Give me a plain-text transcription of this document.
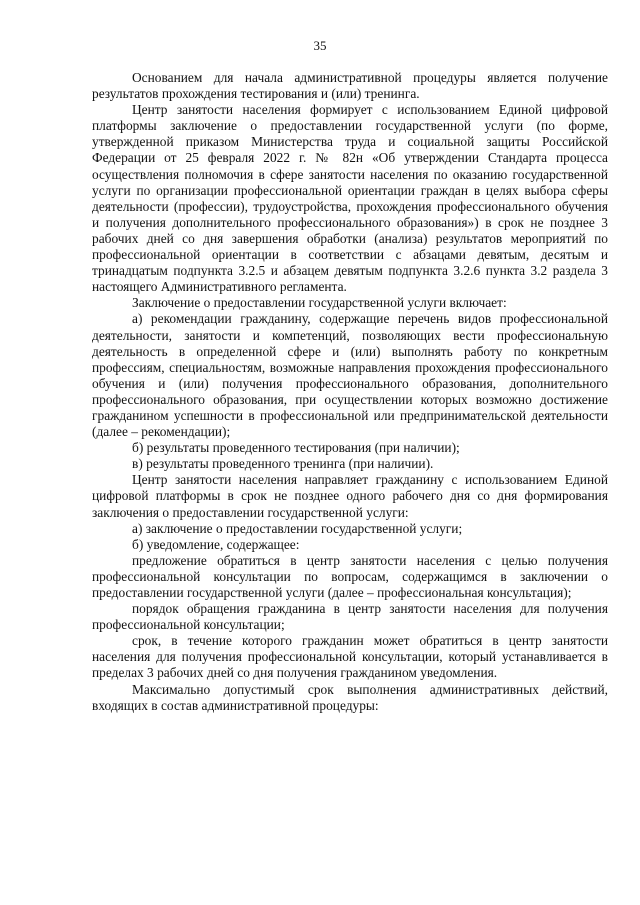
35

Основанием для начала административной процедуры является получение результатов прохождения тестирования и (или) тренинга.

Центр занятости населения формирует с использованием Единой цифровой платформы заключение о предоставлении государственной услуги (по форме, утвержденной приказом Министерства труда и социальной защиты Российской Федерации от 25 февраля 2022 г. № 82н «Об утверждении Стандарта процесса осуществления полномочия в сфере занятости населения по оказанию государственной услуги по организации профессиональной ориентации граждан в целях выбора сферы деятельности (профессии), трудоустройства, прохождения профессионального обучения и получения дополнительного профессионального образования») в срок не позднее 3 рабочих дней со дня завершения обработки (анализа) результатов мероприятий по профессиональной ориентации в соответствии с абзацами девятым, десятым и тринадцатым подпункта 3.2.5 и абзацем девятым подпункта 3.2.6 пункта 3.2 раздела 3 настоящего Административного регламента.

Заключение о предоставлении государственной услуги включает:

а) рекомендации гражданину, содержащие перечень видов профессиональной деятельности, занятости и компетенций, позволяющих вести профессиональную деятельность в определенной сфере и (или) выполнять работу по конкретным профессиям, специальностям, возможные направления прохождения профессионального обучения и (или) получения профессионального образования, дополнительного профессионального образования, при осуществлении которых возможно достижение гражданином успешности в профессиональной или предпринимательской деятельности (далее – рекомендации);

б) результаты проведенного тестирования (при наличии);

в) результаты проведенного тренинга (при наличии).

Центр занятости населения направляет гражданину с использованием Единой цифровой платформы в срок не позднее одного рабочего дня со дня формирования заключения о предоставлении государственной услуги:

а) заключение о предоставлении государственной услуги;

б) уведомление, содержащее:

предложение обратиться в центр занятости населения с целью получения профессиональной консультации по вопросам, содержащимся в заключении о предоставлении государственной услуги (далее – профессиональная консультация);

порядок обращения гражданина в центр занятости населения для получения профессиональной консультации;

срок, в течение которого гражданин может обратиться в центр занятости населения для получения профессиональной консультации, который устанавливается в пределах 3 рабочих дней со дня получения гражданином уведомления.

Максимально допустимый срок выполнения административных действий, входящих в состав административной процедуры:
